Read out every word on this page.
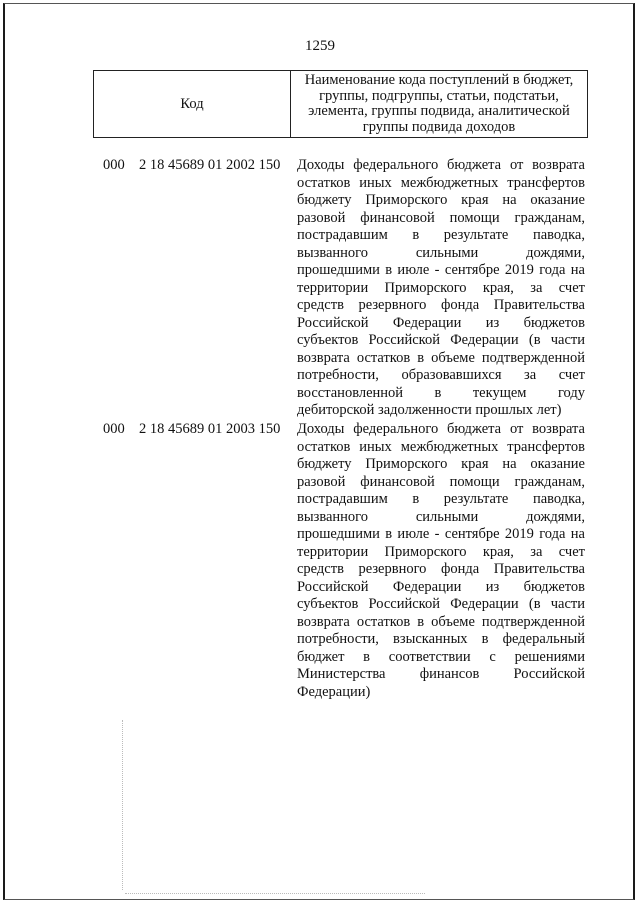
1259
Код
Наименование кода поступлений в бюджет,
группы, подгруппы, статьи, подстатьи,
элемента, группы подвида, аналитической
группы подвида доходов
000 2 18 45689 01 2002 150 Доходы федерального бюджета от возврата
остатков иных межбюджетных трансфертов
бюджету Приморского края на оказание
разовой финансовой помощи гражданам,
пострадавшим в результате паводка,
вызванного сильными дождями,
прошедшими в июле - сентябре 2019 года на
территории Приморского края, за счет
средств резервного фонда Правительства
Российской Федерации из бюджетов
субъектов Российской Федерации (в части
возврата остатков в объеме подтвержденной
потребности, образовавшихся за счет
восстановленной в текущем году
дебиторской задолженности прошлых лет)
000 2 18 45689 01 2003 150 Доходы федерального бюджета от возврата
остатков иных межбюджетных трансфертов
бюджету Приморского края на оказание
разовой финансовой помощи гражданам,
пострадавшим в результате паводка,
вызванного сильными дождями,
прошедшими в июле - сентябре 2019 года на
территории Приморского края, за счет
средств резервного фонда Правительства
Российской Федерации из бюджетов
субъектов Российской Федерации (в части
возврата остатков в объеме подтвержденной
потребности, взысканных в федеральный
бюджет в соответствии с решениями
Министерства финансов Российской
Федерации)
